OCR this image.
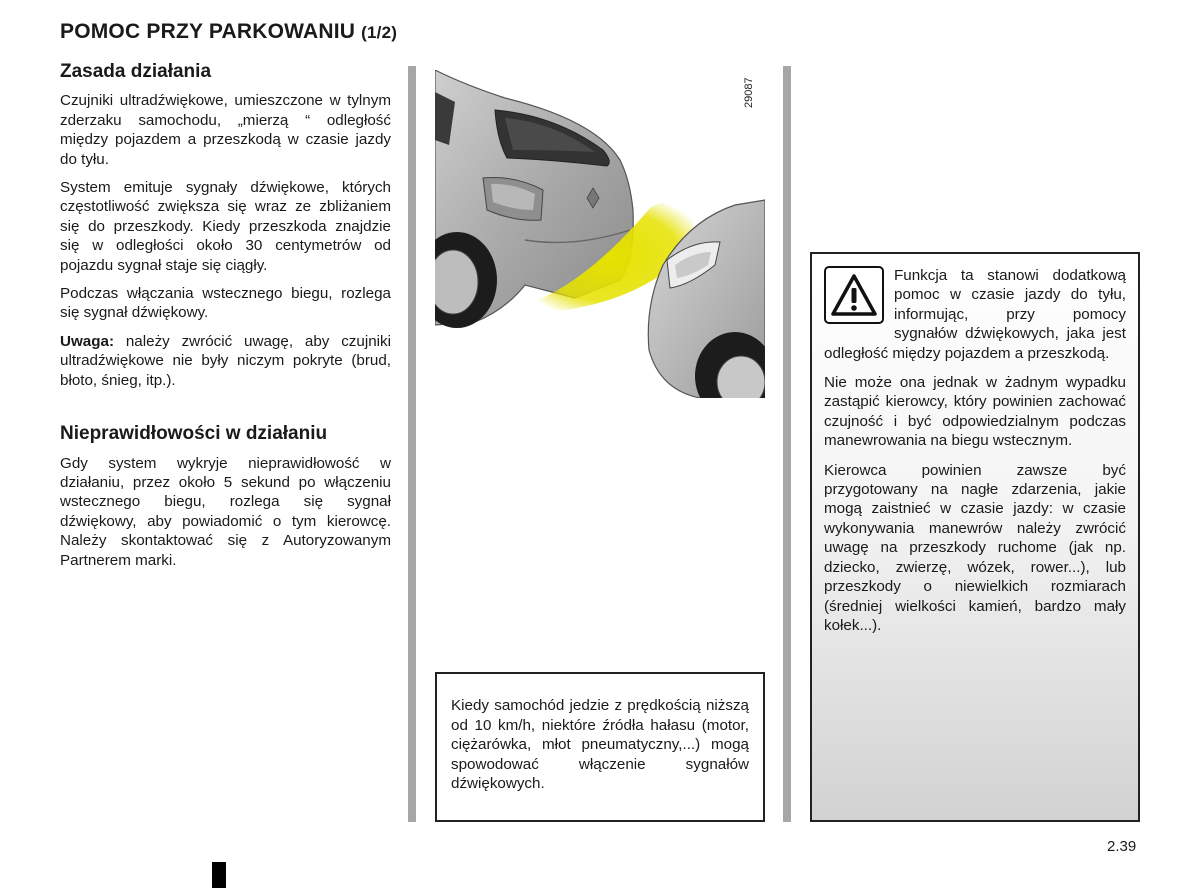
POMOC PRZY PARKOWANIU (1/2)
Zasada działania

Czujniki ultradźwiękowe, umieszczone w tylnym zderzaku samochodu, „mierzą “ odległość między pojazdem a przeszkodą w czasie jazdy do tyłu.

System emituje sygnały dźwiękowe, których częstotliwość zwiększa się wraz ze zbliżaniem się do przeszkody. Kiedy przeszkoda znajdzie się w odległości około 30 centymetrów od pojazdu sygnał staje się ciągły.

Podczas włączania wstecznego biegu, rozlega się sygnał dźwiękowy.

Uwaga: należy zwrócić uwagę, aby czujniki ultradźwiękowe nie były niczym pokryte (brud, błoto, śnieg, itp.).

Nieprawidłowości w działaniu

Gdy system wykryje nieprawidłowość w działaniu, przez około 5 sekund po włączeniu wstecznego biegu, rozlega się sygnał dźwiękowy, aby powiadomić o tym kierowcę. Należy skontaktować się z Autoryzowanym Partnerem marki.

29087

Kiedy samochód jedzie z prędkością niższą od 10 km/h, niektóre źródła hałasu (motor, ciężarówka, młot pneumatyczny,...) mogą spowodować włączenie sygnałów dźwiękowych.

Funkcja ta stanowi dodatkową pomoc w czasie jazdy do tyłu, informując, przy pomocy sygnałów dźwiękowych, jaka jest odległość między pojazdem a przeszkodą.

Nie może ona jednak w żadnym wypadku zastąpić kierowcy, który powinien zachować czujność i być odpowiedzialnym podczas manewrowania na biegu wstecznym.

Kierowca powinien zawsze być przygotowany na nagłe zdarzenia, jakie mogą zaistnieć w czasie jazdy: w czasie wykonywania manewrów należy zwrócić uwagę na przeszkody ruchome (jak np. dziecko, zwierzę, wózek, rower...), lub przeszkody o niewielkich rozmiarach (średniej wielkości kamień, bardzo mały kołek...).

2.39
